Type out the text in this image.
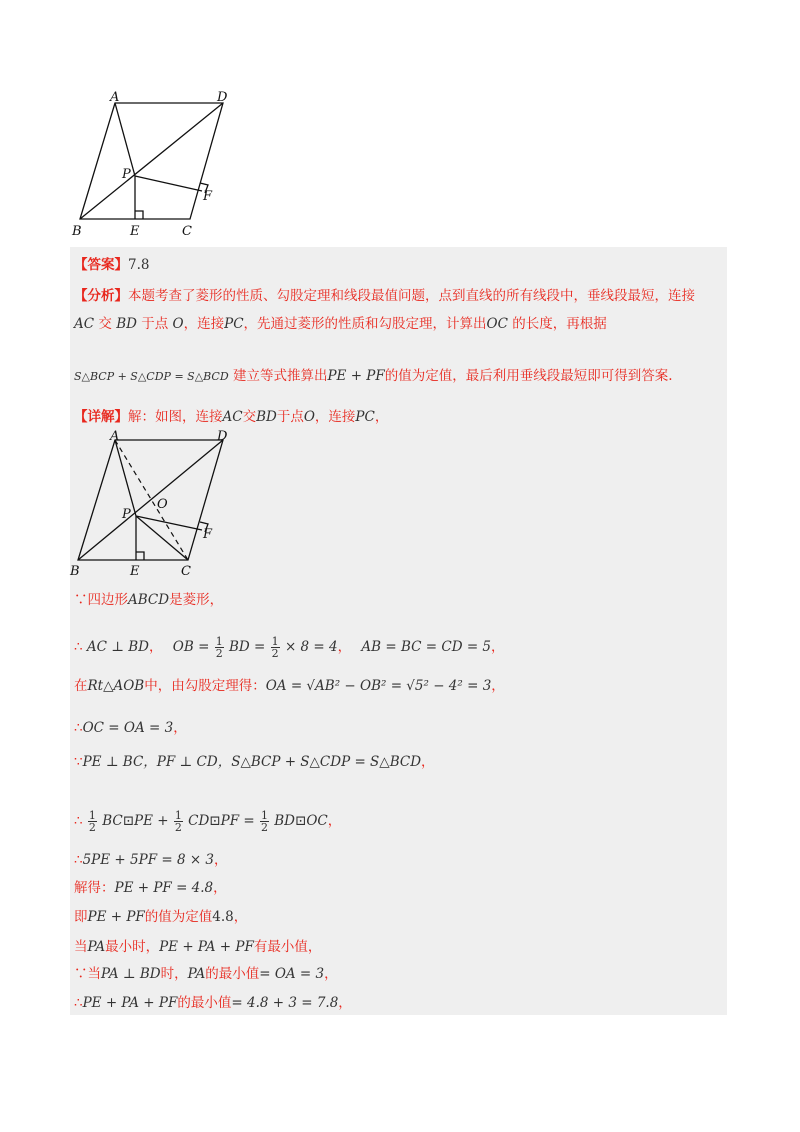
A	D
P
F
B	E	C
【答案】7.8
【分析】本题考查了菱形的性质、勾股定理和线段最值问题，点到直线的所有线段中，垂线段最短，连接
AC 交 BD 于点 O，连接PC，先通过菱形的性质和勾股定理，计算出OC 的长度，再根据
S△BCP + S△CDP = S△BCD 建立等式推算出PE + PF的值为定值，最后利用垂线段最短即可得到答案.
【详解】解：如图，连接AC交BD于点O，连接PC，
A	D
O
P
F
B	E	C
∵四边形ABCD是菱形，
∴ AC ⊥ BD， OB = $\frac{1}{2}$ BD = $\frac{1}{2} \times 8 = 4$， AB = BC = CD = 5，
在Rt△AOB中，由勾股定理得：OA = √AB² − OB² = √5² − 4² = 3，
∴OC = OA = 3，
∵PE ⊥ BC，PF ⊥ CD，S△BCP + S△CDP = S△BCD，
∴ $\frac{1}{2}$ BC⊡PE + $\frac{1}{2}$ CD⊡PF = $\frac{1}{2}$ BD⊡OC，
∴5PE + 5PF = 8 × 3，
解得：PE + PF = 4.8，
即PE + PF的值为定值4.8，
当PA最小时，PE + PA + PF有最小值，
∵当PA ⊥ BD时，PA的最小值= OA = 3，
∴PE + PA + PF的最小值= 4.8 + 3 = 7.8，
